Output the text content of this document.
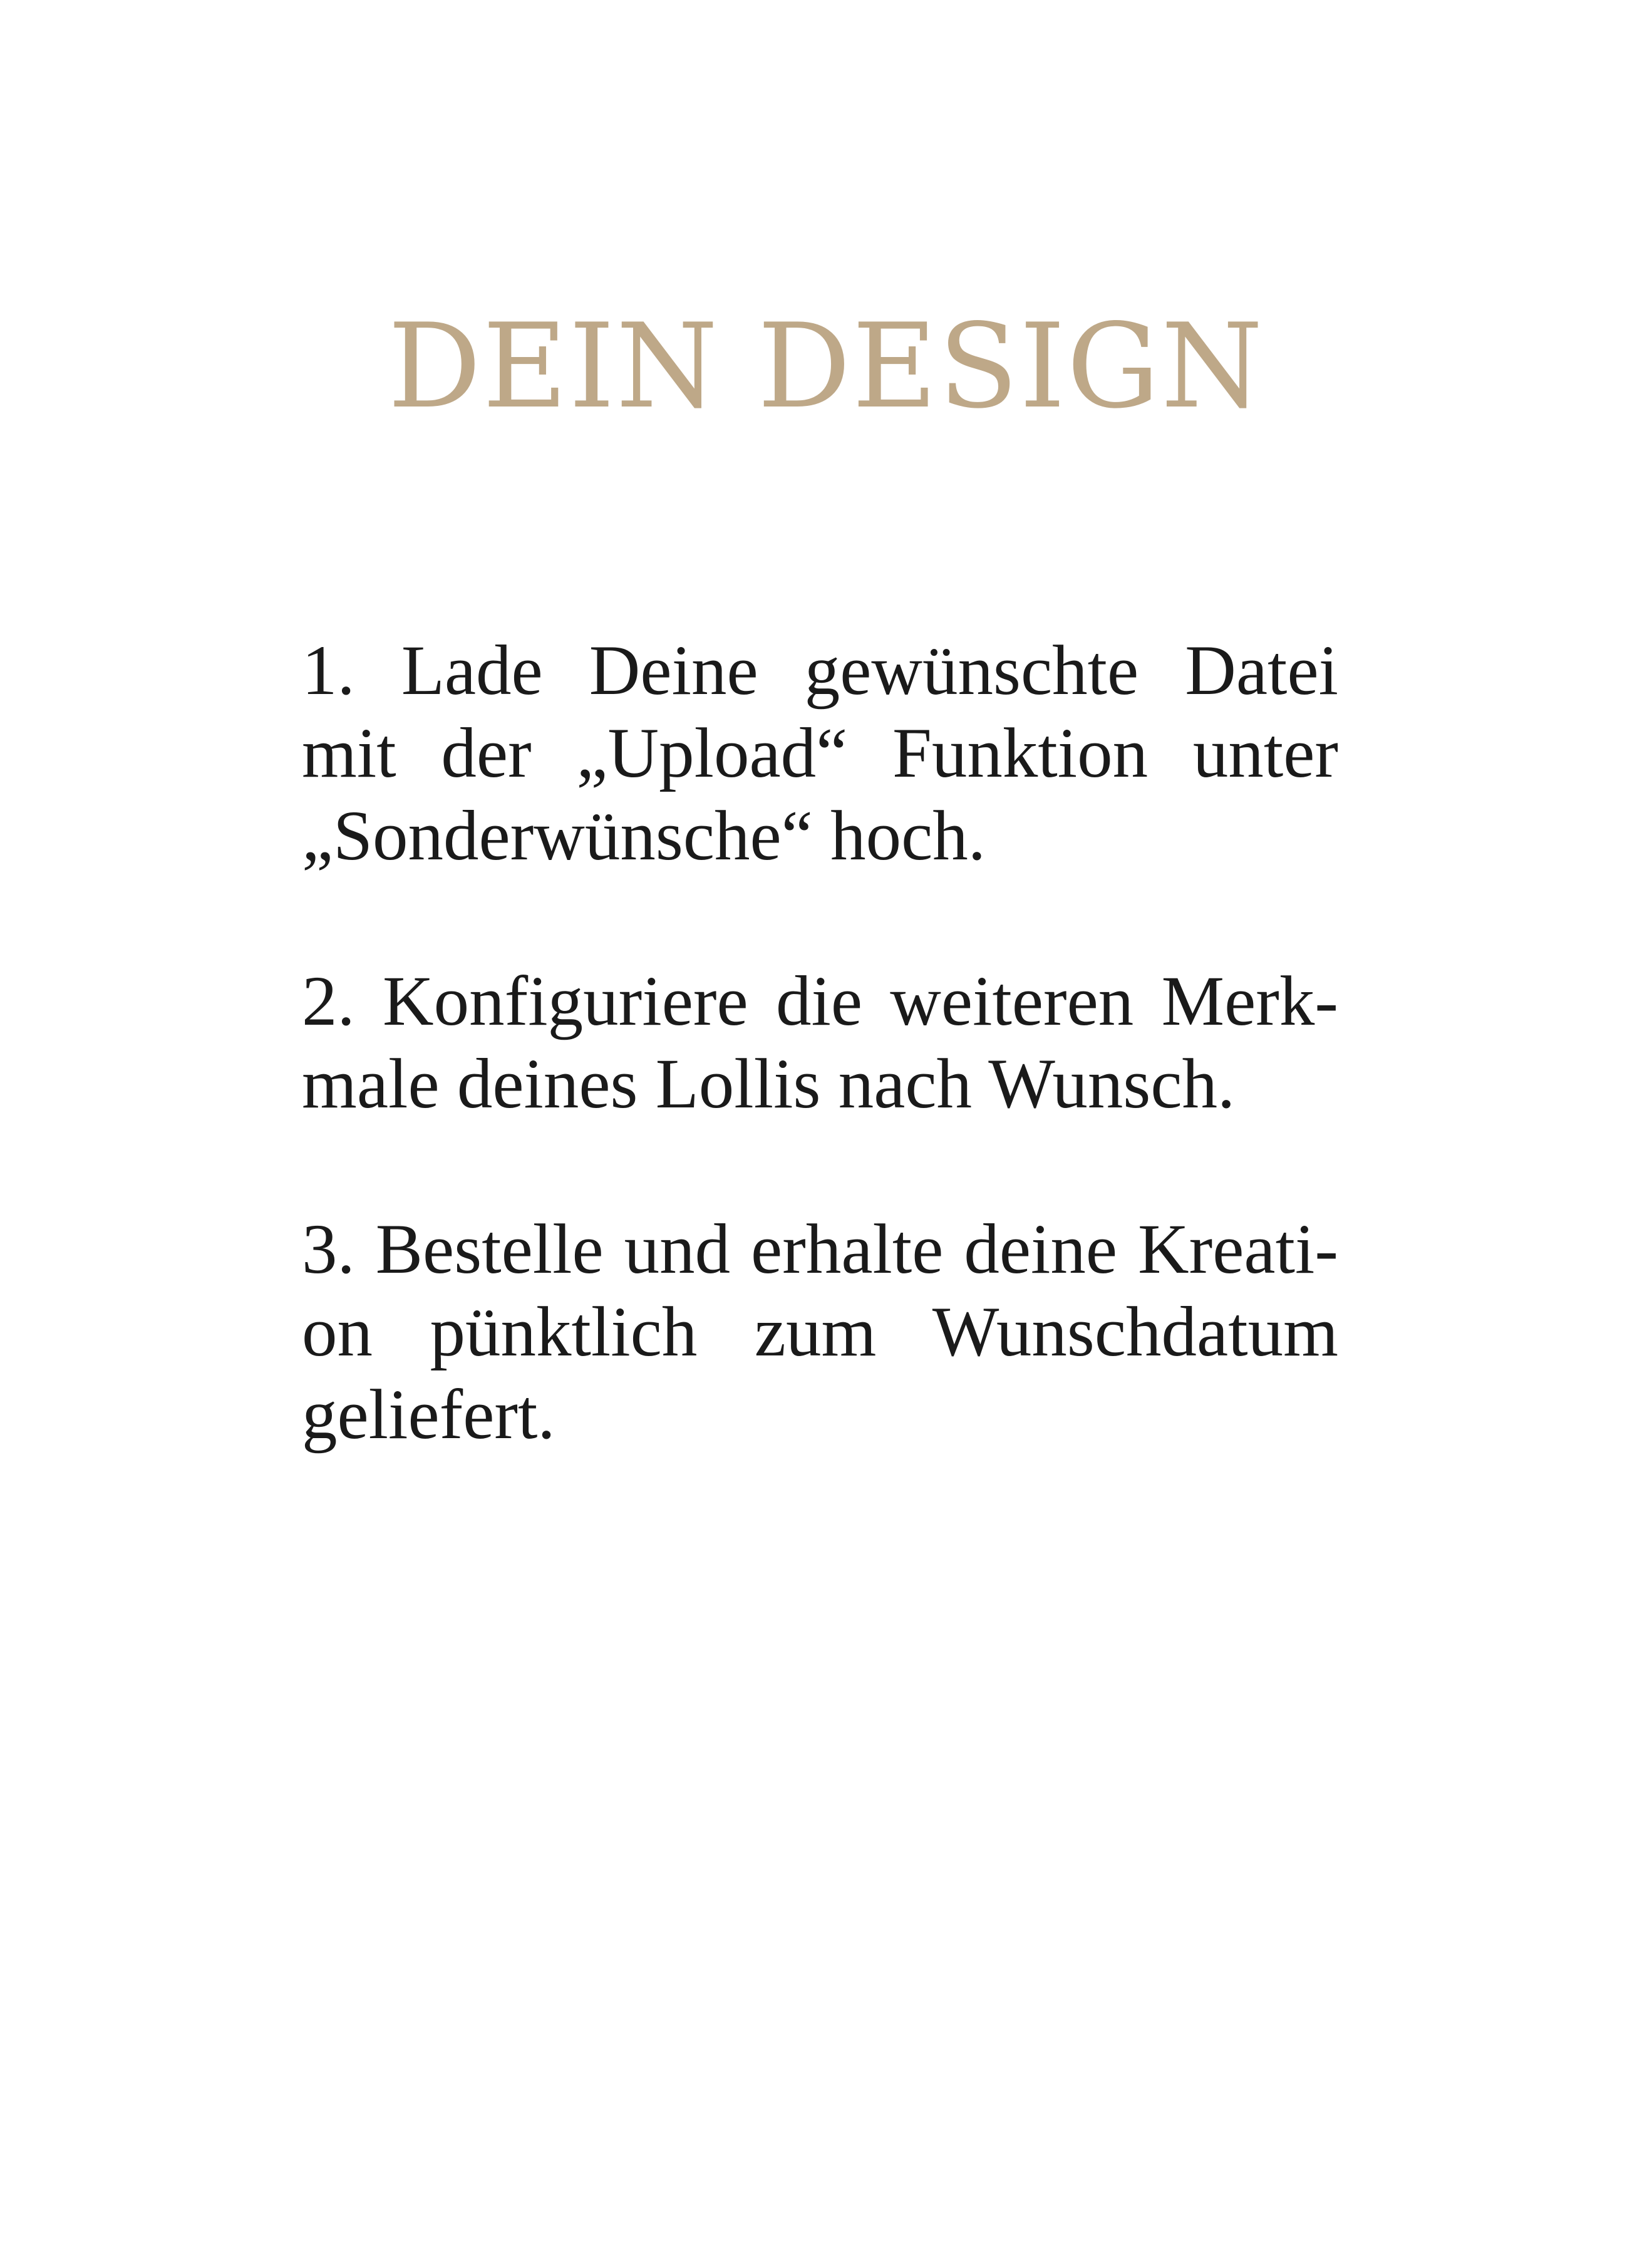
DEIN DESIGN

1. Lade Deine gewünschte Datei
mit der „Upload“ Funktion unter
„Sonderwünsche“ hoch.

2. Konfiguriere die weiteren Merk-
male deines Lollis nach Wunsch.

3. Bestelle und erhalte deine Kreati-
on pünktlich zum Wunschdatum
geliefert.
